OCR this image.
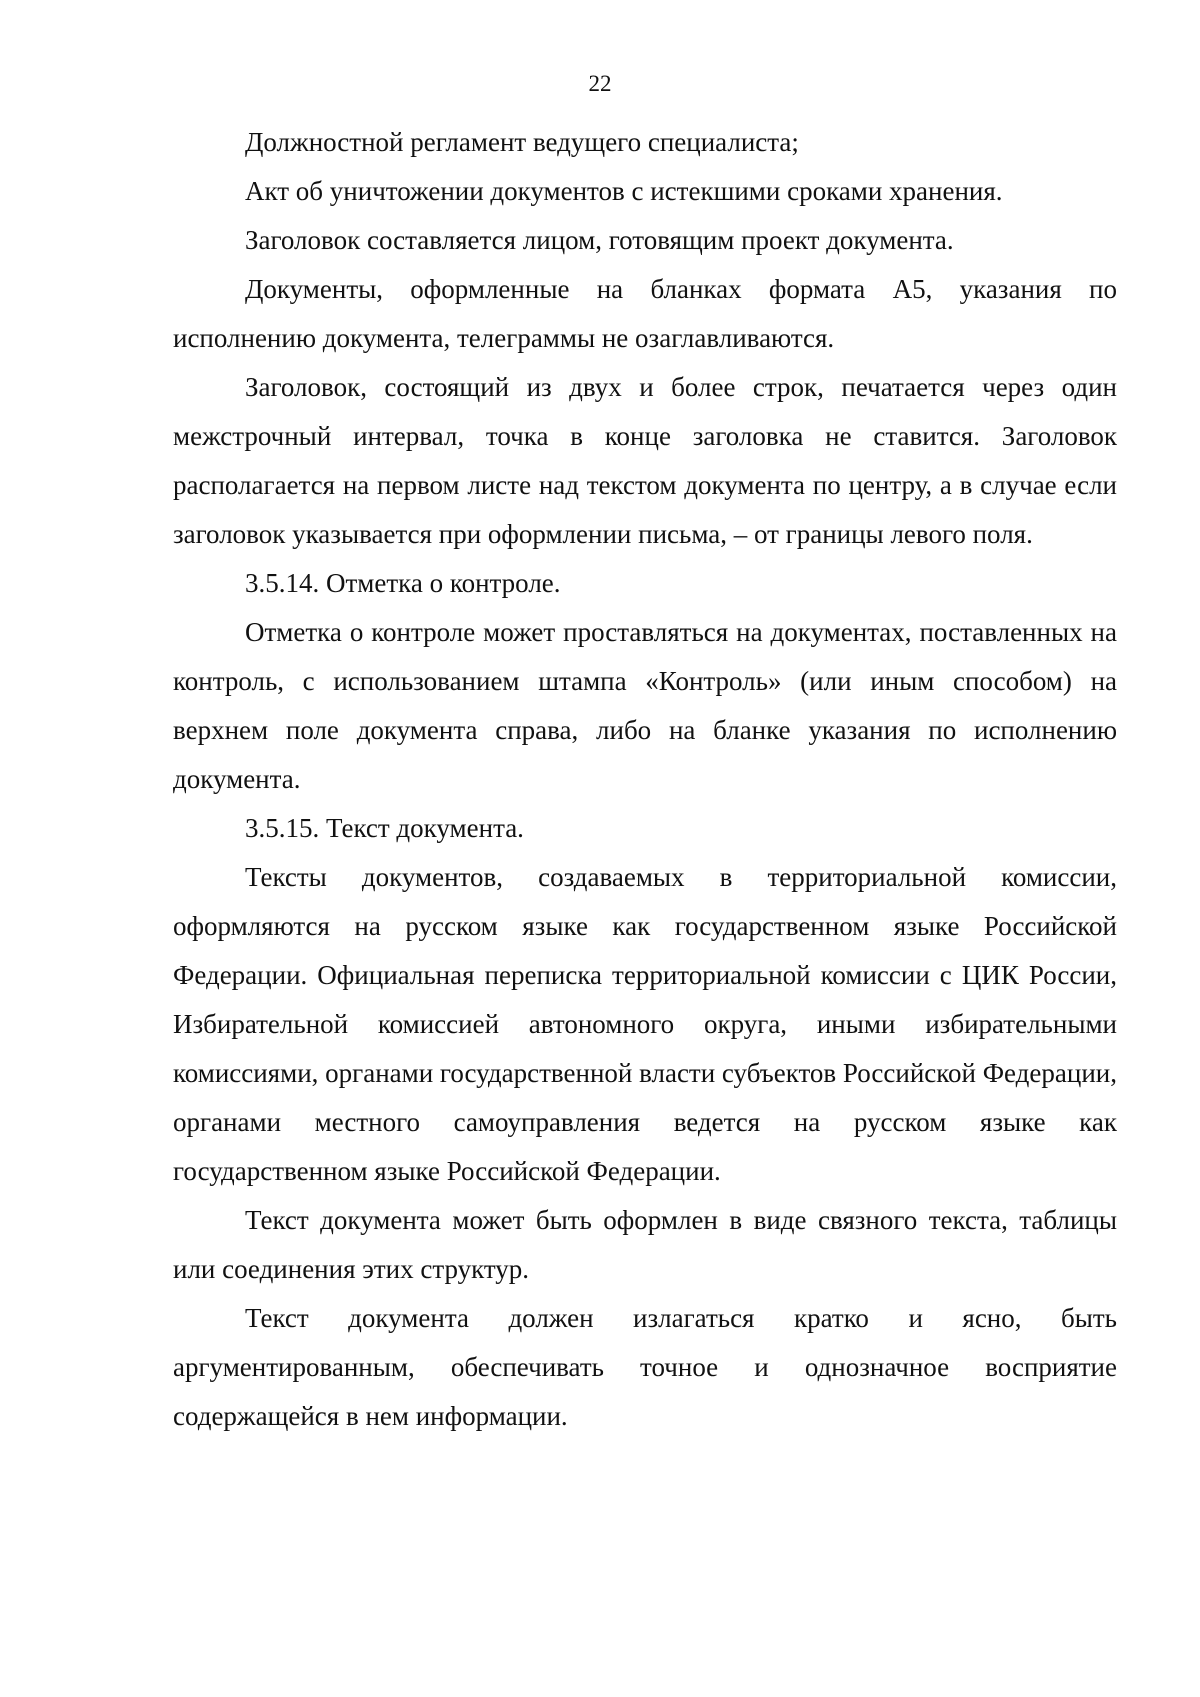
22

Должностной регламент ведущего специалиста;

Акт об уничтожении документов с истекшими сроками хранения.

Заголовок составляется лицом, готовящим проект документа.

Документы, оформленные на бланках формата А5, указания по исполнению документа, телеграммы не озаглавливаются.

Заголовок, состоящий из двух и более строк, печатается через один межстрочный интервал, точка в конце заголовка не ставится. Заголовок располагается на первом листе над текстом документа по центру, а в случае если заголовок указывается при оформлении письма, – от границы левого поля.

3.5.14. Отметка о контроле.

Отметка о контроле может проставляться на документах, поставленных на контроль, с использованием штампа «Контроль» (или иным способом) на верхнем поле документа справа, либо на бланке указания по исполнению документа.

3.5.15. Текст документа.

Тексты документов, создаваемых в территориальной комиссии, оформляются на русском языке как государственном языке Российской Федерации. Официальная переписка территориальной комиссии с ЦИК России, Избирательной комиссией автономного округа, иными избирательными комиссиями, органами государственной власти субъектов Российской Федерации, органами местного самоуправления ведется на русском языке как государственном языке Российской Федерации.

Текст документа может быть оформлен в виде связного текста, таблицы или соединения этих структур.

Текст документа должен излагаться кратко и ясно, быть аргументированным, обеспечивать точное и однозначное восприятие содержащейся в нем информации.
